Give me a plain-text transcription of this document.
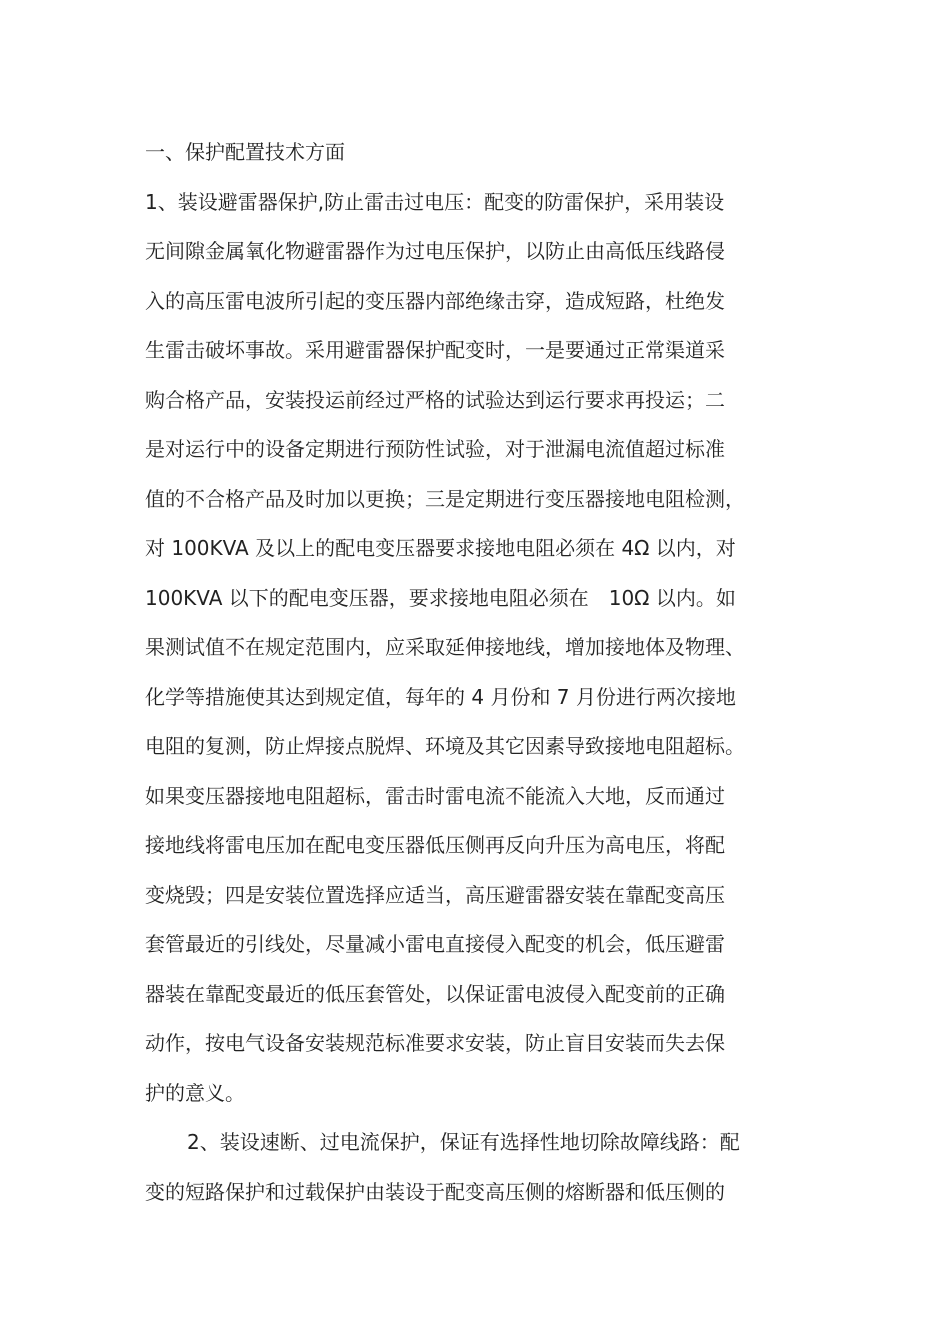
一、保护配置技术方面

1、装设避雷器保护,防止雷击过电压：配变的防雷保护，采用装设
无间隙金属氧化物避雷器作为过电压保护，以防止由高低压线路侵
入的高压雷电波所引起的变压器内部绝缘击穿，造成短路，杜绝发
生雷击破坏事故。采用避雷器保护配变时，一是要通过正常渠道采
购合格产品，安装投运前经过严格的试验达到运行要求再投运；二
是对运行中的设备定期进行预防性试验，对于泄漏电流值超过标准
值的不合格产品及时加以更换；三是定期进行变压器接地电阻检测，
对 100KVA 及以上的配电变压器要求接地电阻必须在 4Ω 以内，对
100KVA 以下的配电变压器，要求接地电阻必须在　10Ω 以内。如
果测试值不在规定范围内，应采取延伸接地线，增加接地体及物理、
化学等措施使其达到规定值，每年的 4 月份和 7 月份进行两次接地
电阻的复测，防止焊接点脱焊、环境及其它因素导致接地电阻超标。
如果变压器接地电阻超标，雷击时雷电流不能流入大地，反而通过
接地线将雷电压加在配电变压器低压侧再反向升压为高电压，将配
变烧毁；四是安装位置选择应适当，高压避雷器安装在靠配变高压
套管最近的引线处，尽量减小雷电直接侵入配变的机会，低压避雷
器装在靠配变最近的低压套管处，以保证雷电波侵入配变前的正确
动作，按电气设备安装规范标准要求安装，防止盲目安装而失去保
护的意义。
2、装设速断、过电流保护，保证有选择性地切除故障线路：配
变的短路保护和过载保护由装设于配变高压侧的熔断器和低压侧的
